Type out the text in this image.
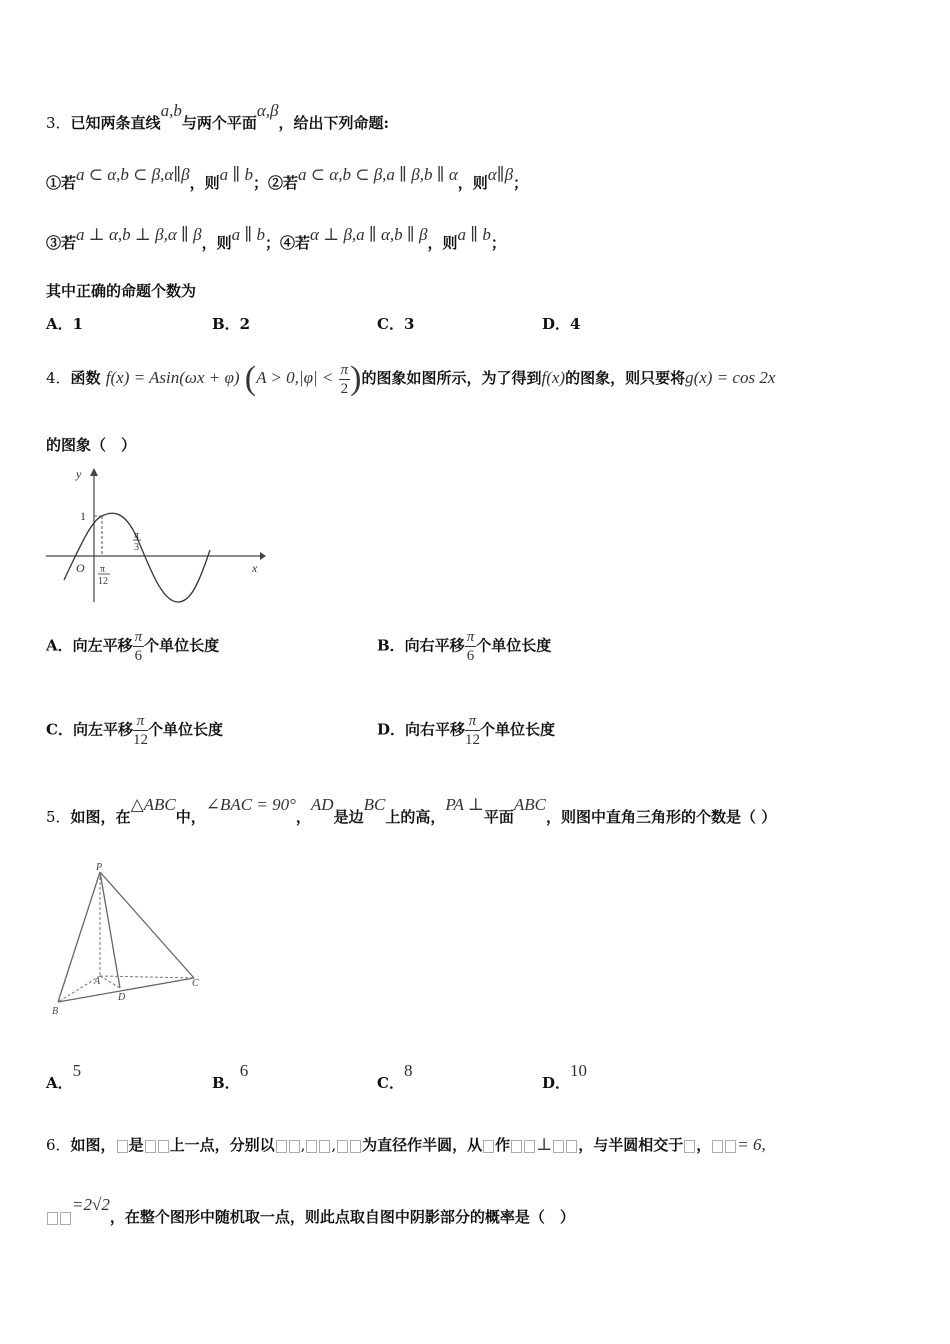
3．已知两条直线a,b与两个平面α,β，给出下列命题:
①若a ⊂ α,b ⊂ β,α∥β，则a ∥ b；②若a ⊂ α,b ⊂ β,a ∥ β,b ∥ α，则α∥β；
③若a ⊥ α,b ⊥ β,α ∥ β，则a ∥ b；④若α ⊥ β,a ∥ α,b ∥ β，则a ∥ b；
其中正确的命题个数为
A．1	B．2	C．3	D．4
4．函数 f(x) = Asin(ωx + φ) ($A > 0,|\varphi| < \frac{\pi}{2}$ )的图象如图所示，为了得到f(x)的图象，则只要将g(x) = cos 2x
的图象（　）
y
x
O
1
π
12
π
3
A．向左平移 $\frac{\pi}{6}$ 个单位长度	B．向右平移 $\frac{\pi}{6}$ 个单位长度
C．向左平移 $\frac{\pi}{12}$ 个单位长度	D．向右平移 $\frac{\pi}{12}$ 个单位长度
5．如图，在△ABC中，∠BAC = 90°，AD是边BC上的高，PA ⊥平面ABC，则图中直角三角形的个数是（ ）
P
A
B
C
D
A．5
B．6
C．8
D．10
6．如图， 是 上一点，分别以 , , 为直径作半圆，从 作 ⊥ ，与半圆相交于 ， = 6,
=2√2，在整个图形中随机取一点，则此点取自图中阴影部分的概率是（　）
